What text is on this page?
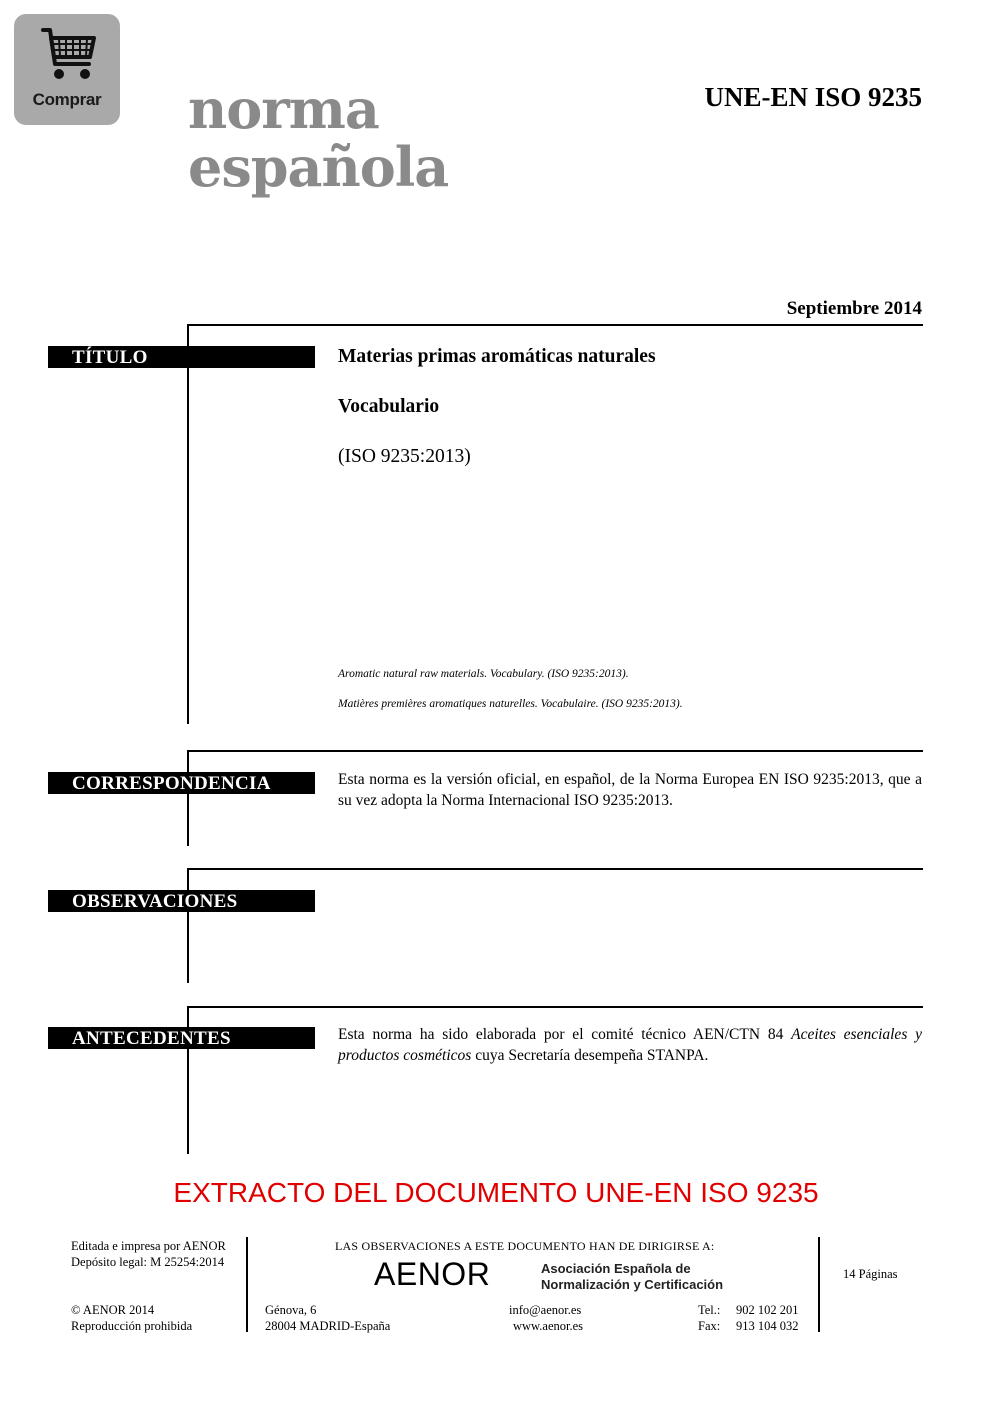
Comprar	norma
española
UNE-EN ISO 9235
Septiembre 2014
TÍTULO	Materias primas aromáticas naturales
Vocabulario
(ISO 9235:2013)
Aromatic natural raw materials. Vocabulary. (ISO 9235:2013).
Matières premières aromatiques naturelles. Vocabulaire. (ISO 9235:2013).
CORRESPONDENCIA	Esta norma es la versión oficial, en español, de la Norma Europea EN ISO 9235:2013, que a su vez adopta la Norma Internacional ISO 9235:2013.
OBSERVACIONES
ANTECEDENTES	Esta norma ha sido elaborada por el comité técnico AEN/CTN 84 Aceites esenciales y productos cosméticos cuya Secretaría desempeña STANPA.
EXTRACTO DEL DOCUMENTO UNE-EN ISO 9235
Editada e impresa por AENOR
Depósito legal: M 25254:2014
© AENOR 2014
Reproducción prohibida
LAS OBSERVACIONES A ESTE DOCUMENTO HAN DE DIRIGIRSE A:
AENOR	Asociación Española de
Normalización y Certificación
Génova, 6
28004 MADRID-España
info@aenor.es
www.aenor.es
Tel.: 902 102 201
Fax: 913 104 032
14 Páginas
